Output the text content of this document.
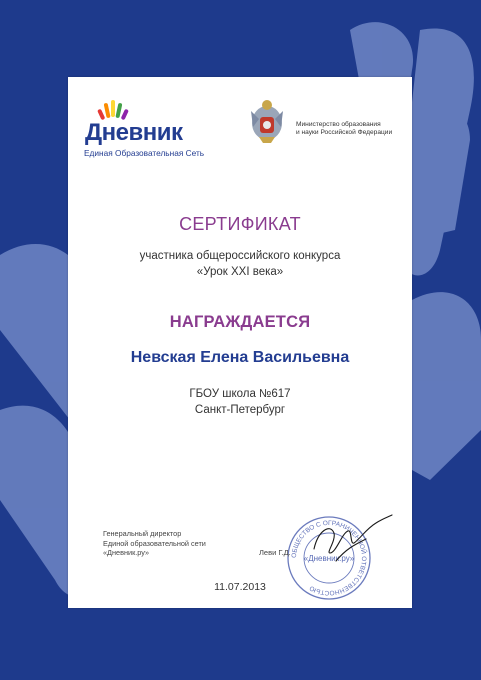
Дневник
Единая Образовательная Сеть
Министерство образования
и науки Российской Федерации
СЕРТИФИКАТ
участника общероссийского конкурса
«Урок XXI века»
НАГРАЖДАЕТСЯ
Невская Елена Васильевна
ГБОУ школа №617
Санкт-Петербург
Генеральный директор
Единой образовательной сети
«Дневник.ру»	ОБЩЕСТВО С ОГРАНИЧЕННОЙ ОТВЕТСТВЕННОСТЬЮ
«Дневник.ру»
Леви Г.Д.
11.07.2013
